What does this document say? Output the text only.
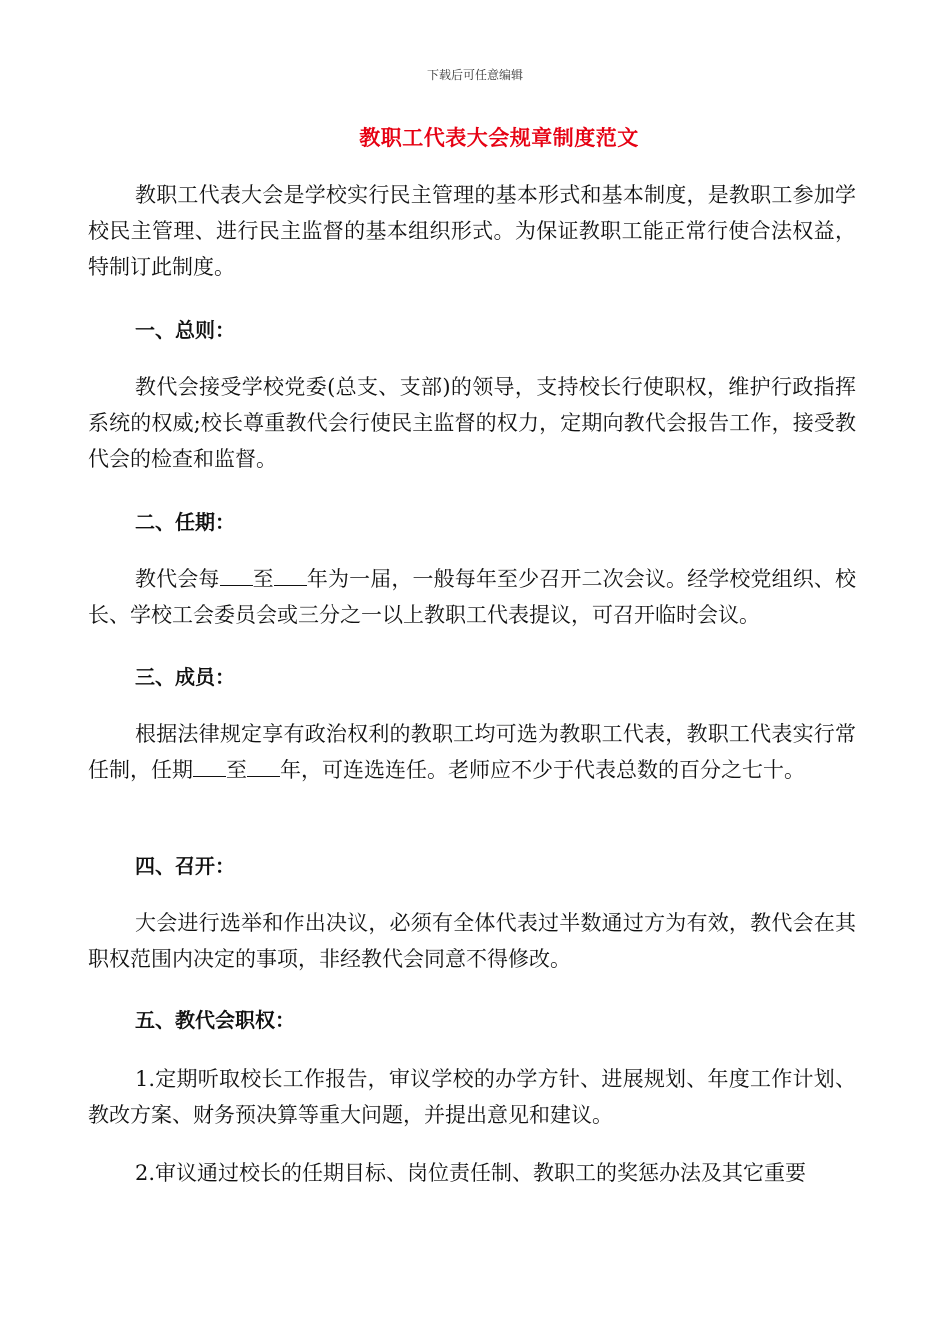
下载后可任意编辑
教职工代表大会规章制度范文
教职工代表大会是学校实行民主管理的基本形式和基本制度，是教职工参加学校民主管理、进行民主监督的基本组织形式。为保证教职工能正常行使合法权益，特制订此制度。
一、总则：
教代会接受学校党委(总支、支部)的领导，支持校长行使职权，维护行政指挥系统的权威;校长尊重教代会行使民主监督的权力，定期向教代会报告工作，接受教代会的检查和监督。
二、任期：
教代会每 至 年为一届，一般每年至少召开二次会议。经学校党组织、校长、学校工会委员会或三分之一以上教职工代表提议，可召开临时会议。
三、成员：
根据法律规定享有政治权利的教职工均可选为教职工代表，教职工代表实行常任制，任期 至 年，可连选连任。老师应不少于代表总数的百分之七十。
四、召开：
大会进行选举和作出决议，必须有全体代表过半数通过方为有效，教代会在其职权范围内决定的事项，非经教代会同意不得修改。
五、教代会职权：
1.定期听取校长工作报告，审议学校的办学方针、进展规划、年度工作计划、教改方案、财务预决算等重大问题，并提出意见和建议。
2.审议通过校长的任期目标、岗位责任制、教职工的奖惩办法及其它重要
